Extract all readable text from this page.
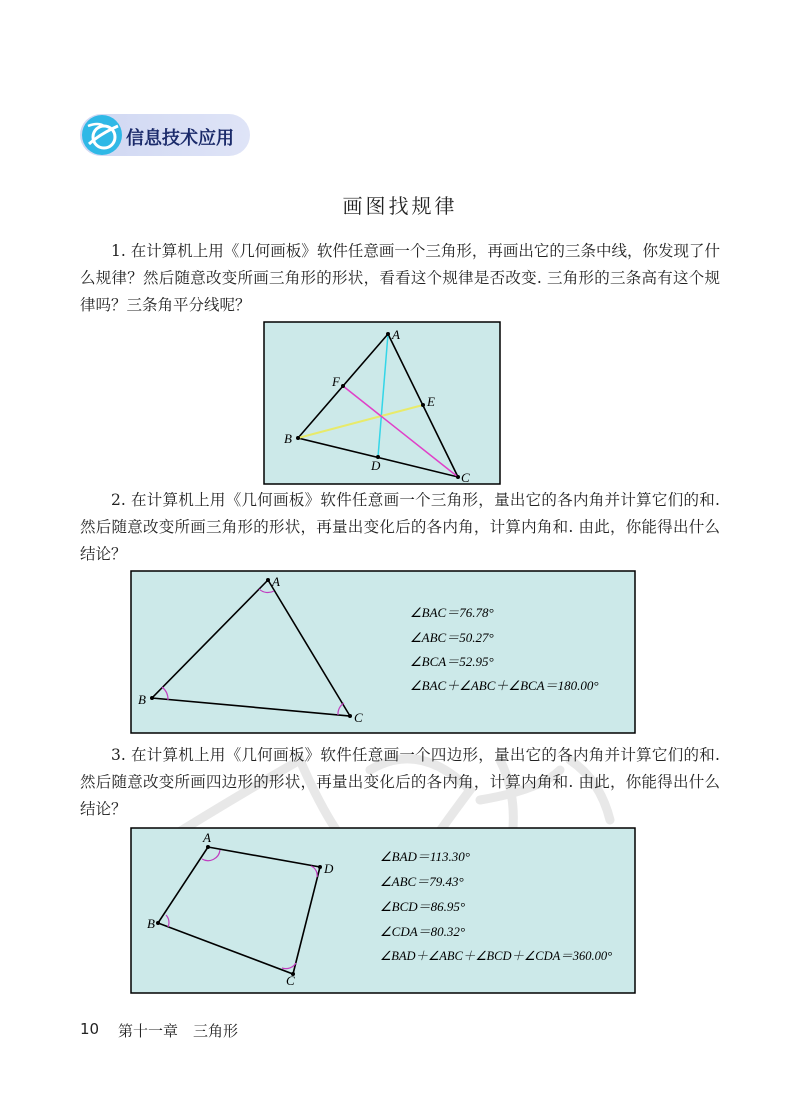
信息技术应用
画图找规律

1. 在计算机上用《几何画板》软件任意画一个三角形，再画出它的三条中线，你发现了什么规律？然后随意改变所画三角形的形状，看看这个规律是否改变. 三角形的三条高有这个规律吗？三条角平分线呢？

A
B
C
D
E
F

2. 在计算机上用《几何画板》软件任意画一个三角形，量出它的各内角并计算它们的和. 然后随意改变所画三角形的形状，再量出变化后的各内角，计算内角和. 由此，你能得出什么结论？

A
B
C
∠BAC＝76.78°
∠ABC＝50.27°
∠BCA＝52.95°
∠BAC＋∠ABC＋∠BCA＝180.00°

3. 在计算机上用《几何画板》软件任意画一个四边形，量出它的各内角并计算它们的和. 然后随意改变所画四边形的形状，再量出变化后的各内角，计算内角和. 由此，你能得出什么结论？

A
B
C
D
∠BAD＝113.30°
∠ABC＝79.43°
∠BCD＝86.95°
∠CDA＝80.32°
∠BAD＋∠ABC＋∠BCD＋∠CDA＝360.00°
10 第十一章　三角形
